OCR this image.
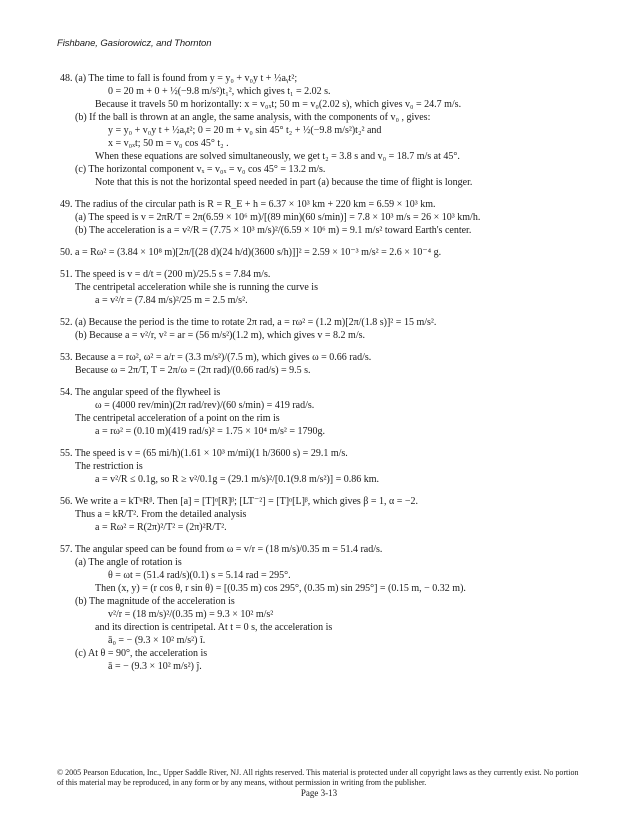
Fishbane, Gasiorowicz, and Thornton
48. (a) The time to fall is found from y = y₀ + v₀y t + ½aᵧt²;
0 = 20 m + 0 + ½(−9.8 m/s²)t₁², which gives t₁ = 2.02 s.
Because it travels 50 m horizontally: x = v₀ₓt; 50 m = v₀(2.02 s), which gives v₀ = 24.7 m/s.
(b) If the ball is thrown at an angle, the same analysis, with the components of v₀ , gives:
y = y₀ + v₀y t + ½aᵧt²; 0 = 20 m + v₀ sin 45° t₂ + ½(−9.8 m/s²)t₂² and
x = v₀ₓt; 50 m = v₀ cos 45° t₂ .
When these equations are solved simultaneously, we get t₂ = 3.8 s and v₀ = 18.7 m/s at 45°.
(c) The horizontal component vₓ = v₀ₓ = v₀ cos 45° = 13.2 m/s.
Note that this is not the horizontal speed needed in part (a) because the time of flight is longer.
49. The radius of the circular path is R = R_E + h = 6.37 × 10³ km + 220 km = 6.59 × 10³ km.
(a) The speed is v = 2πR/T = 2π(6.59 × 10⁶ m)/[(89 min)(60 s/min)] = 7.8 × 10³ m/s = 26 × 10³ km/h.
(b) The acceleration is a = v²/R = (7.75 × 10³ m/s)²/(6.59 × 10⁶ m) = 9.1 m/s² toward Earth's center.
50. a = Rω² = (3.84 × 10⁸ m)[2π/[(28 d)(24 h/d)(3600 s/h)]]² = 2.59 × 10⁻³ m/s² = 2.6 × 10⁻⁴ g.
51. The speed is v = d/t = (200 m)/25.5 s = 7.84 m/s.
The centripetal acceleration while she is running the curve is
a = v²/r = (7.84 m/s)²/25 m = 2.5 m/s².
52. (a) Because the period is the time to rotate 2π rad, a = rω² = (1.2 m)[2π/(1.8 s)]² = 15 m/s².
(b) Because a = v²/r, v² = ar = (56 m/s²)(1.2 m), which gives v = 8.2 m/s.
53. Because a = rω², ω² = a/r = (3.3 m/s²)/(7.5 m), which gives ω = 0.66 rad/s.
Because ω = 2π/T, T = 2π/ω = (2π rad)/(0.66 rad/s) = 9.5 s.
54. The angular speed of the flywheel is
ω = (4000 rev/min)(2π rad/rev)/(60 s/min) = 419 rad/s.
The centripetal acceleration of a point on the rim is
a = rω² = (0.10 m)(419 rad/s)² = 1.75 × 10⁴ m/s² = 1790g.
55. The speed is v = (65 mi/h)(1.61 × 10³ m/mi)(1 h/3600 s) = 29.1 m/s.
The restriction is
a = v²/R ≤ 0.1g, so R ≥ v²/0.1g = (29.1 m/s)²/[0.1(9.8 m/s²)] = 0.86 km.
56. We write a = kTᵅRᵝ. Then [a] = [T]ᵅ[R]ᵝ; [LT⁻²] = [T]ᵅ[L]ᵝ, which gives β = 1, α = −2.
Thus a = kR/T². From the detailed analysis
a = Rω² = R(2π)²/T² = (2π)²R/T².
57. The angular speed can be found from ω = v/r = (18 m/s)/0.35 m = 51.4 rad/s.
(a) The angle of rotation is
θ = ωt = (51.4 rad/s)(0.1) s = 5.14 rad = 295°.
Then (x, y) = (r cos θ, r sin θ) = [(0.35 m) cos 295°, (0.35 m) sin 295°] = (0.15 m, − 0.32 m).
(b) The magnitude of the acceleration is
v²/r = (18 m/s)²/(0.35 m) = 9.3 × 10² m/s²
and its direction is centripetal. At t = 0 s, the acceleration is
ā₀ = − (9.3 × 10² m/s²) î.
(c) At θ = 90°, the acceleration is
ā = − (9.3 × 10² m/s²) ĵ.
© 2005 Pearson Education, Inc., Upper Saddle River, NJ. All rights reserved. This material is protected under all copyright laws as they currently exist. No portion of this material may be reproduced, in any form or by any means, without permission in writing from the publisher.
Page 3-13
